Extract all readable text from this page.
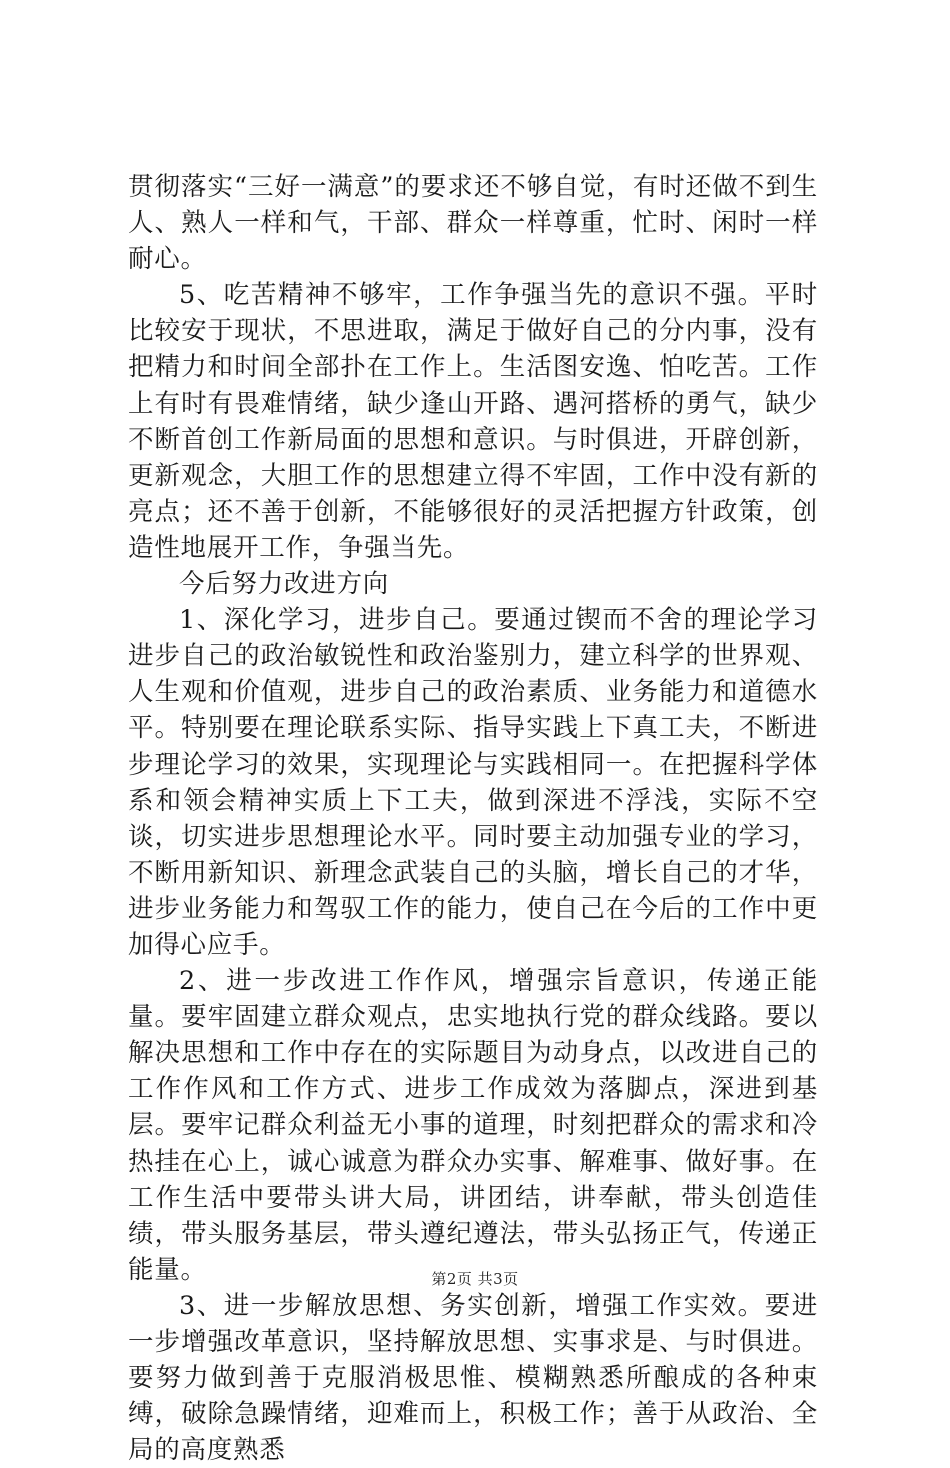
贯彻落实“三好一满意”的要求还不够自觉，有时还做不到生人、熟人一样和气，干部、群众一样尊重，忙时、闲时一样耐心。

5、吃苦精神不够牢，工作争强当先的意识不强。平时比较安于现状，不思进取，满足于做好自己的分内事，没有把精力和时间全部扑在工作上。生活图安逸、怕吃苦。工作上有时有畏难情绪，缺少逢山开路、遇河搭桥的勇气，缺少不断首创工作新局面的思想和意识。与时俱进，开辟创新，更新观念，大胆工作的思想建立得不牢固，工作中没有新的亮点；还不善于创新，不能够很好的灵活把握方针政策，创造性地展开工作，争强当先。

今后努力改进方向

1、深化学习，进步自己。要通过锲而不舍的理论学习进步自己的政治敏锐性和政治鉴别力，建立科学的世界观、人生观和价值观，进步自己的政治素质、业务能力和道德水平。特别要在理论联系实际、指导实践上下真工夫，不断进步理论学习的效果，实现理论与实践相同一。在把握科学体系和领会精神实质上下工夫，做到深进不浮浅，实际不空谈，切实进步思想理论水平。同时要主动加强专业的学习，不断用新知识、新理念武装自己的头脑，增长自己的才华，进步业务能力和驾驭工作的能力，使自己在今后的工作中更加得心应手。

2、进一步改进工作作风，增强宗旨意识，传递正能量。要牢固建立群众观点，忠实地执行党的群众线路。要以解决思想和工作中存在的实际题目为动身点，以改进自己的工作作风和工作方式、进步工作成效为落脚点，深进到基层。要牢记群众利益无小事的道理，时刻把群众的需求和冷热挂在心上，诚心诚意为群众办实事、解难事、做好事。在工作生活中要带头讲大局，讲团结，讲奉献，带头创造佳绩，带头服务基层，带头遵纪遵法，带头弘扬正气，传递正能量。

3、进一步解放思想、务实创新，增强工作实效。要进一步增强改革意识，坚持解放思想、实事求是、与时俱进。要努力做到善于克服消极思惟、模糊熟悉所酿成的各种束缚，破除急躁情绪，迎难而上，积极工作；善于从政治、全局的高度熟悉

第2页 共3页
